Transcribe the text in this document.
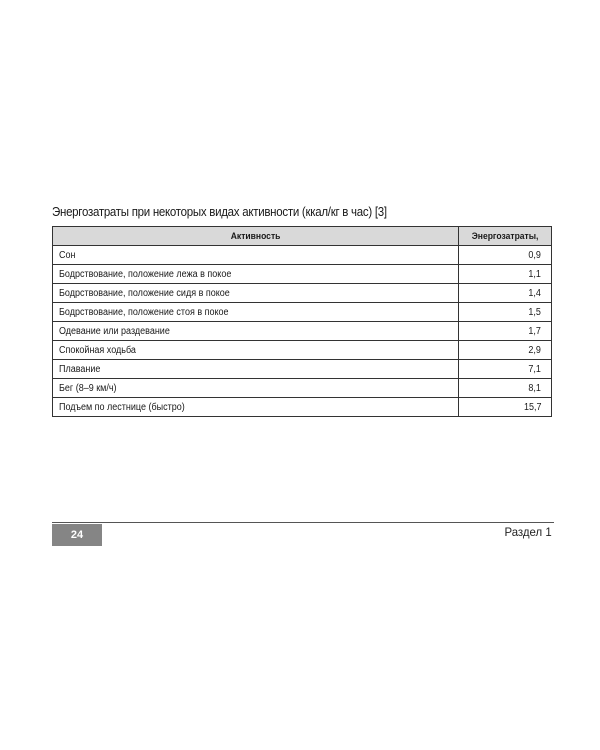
Энергозатраты при некоторых видах активности (ккал/кг в час) [3]
Активность	Энергозатраты,
Сон	0,9
Бодрствование, положение лежа в покое	1,1
Бодрствование, положение сидя в покое	1,4
Бодрствование, положение стоя в покое	1,5
Одевание или раздевание	1,7
Спокойная ходьба	2,9
Плавание	7,1
Бег (8–9 км/ч)	8,1
Подъем по лестнице (быстро)	15,7
24	Раздел 1
